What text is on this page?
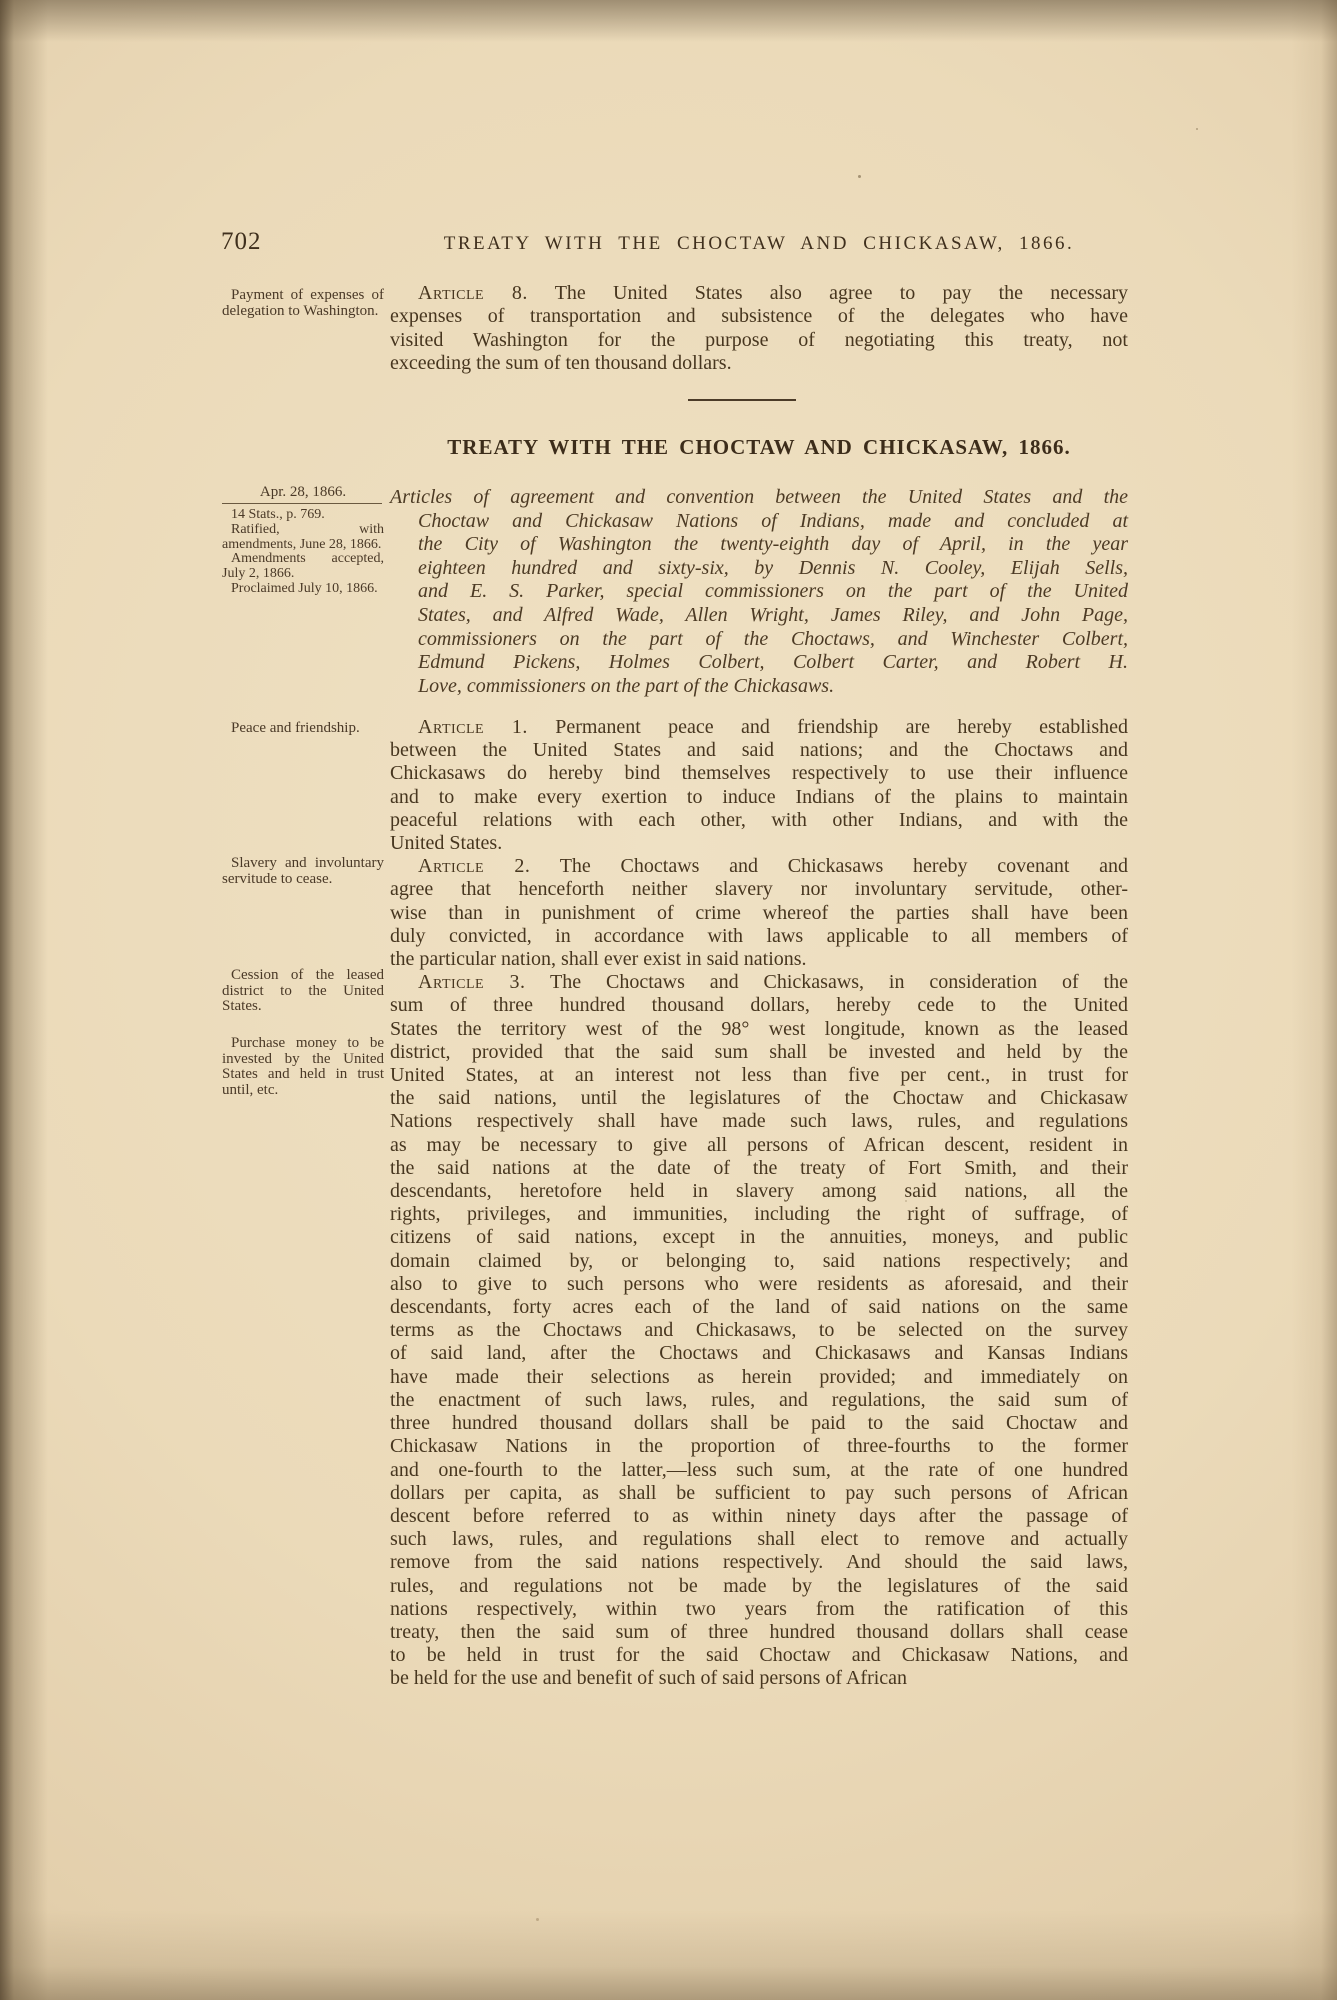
702	TREATY WITH THE CHOCTAW AND CHICKASAW, 1866.
Payment of expenses of delegation to Washington.
Article 8. The United States also agree to pay the necessary
expenses of transportation and subsistence of the delegates who have
visited Washington for the purpose of negotiating this treaty, not
exceeding the sum of ten thousand dollars.
TREATY WITH THE CHOCTAW AND CHICKASAW, 1866.
Apr. 28, 1866.

14 Stats., p. 769.

Ratified, with amendments, June 28, 1866.

Amendments accepted, July 2, 1866.

Proclaimed July 10, 1866.

Articles of agreement and convention between the United States and the
Choctaw and Chickasaw Nations of Indians, made and concluded at
the City of Washington the twenty-eighth day of April, in the year
eighteen hundred and sixty-six, by Dennis N. Cooley, Elijah Sells,
and E. S. Parker, special commissioners on the part of the United
States, and Alfred Wade, Allen Wright, James Riley, and John Page,
commissioners on the part of the Choctaws, and Winchester Colbert,
Edmund Pickens, Holmes Colbert, Colbert Carter, and Robert H.
Love, commissioners on the part of the Chickasaws.
Peace and friendship.
Slavery and involuntary servitude to cease.
Cession of the leased district to the United States.
Purchase money to be invested by the United States and held in trust until, etc.
Article 1. Permanent peace and friendship are hereby established
between the United States and said nations; and the Choctaws and
Chickasaws do hereby bind themselves respectively to use their influence
and to make every exertion to induce Indians of the plains to maintain
peaceful relations with each other, with other Indians, and with the
United States.
Article 2. The Choctaws and Chickasaws hereby covenant and
agree that henceforth neither slavery nor involuntary servitude, other-
wise than in punishment of crime whereof the parties shall have been
duly convicted, in accordance with laws applicable to all members of
the particular nation, shall ever exist in said nations.
Article 3. The Choctaws and Chickasaws, in consideration of the
sum of three hundred thousand dollars, hereby cede to the United
States the territory west of the 98° west longitude, known as the leased
district, provided that the said sum shall be invested and held by the
United States, at an interest not less than five per cent., in trust for
the said nations, until the legislatures of the Choctaw and Chickasaw
Nations respectively shall have made such laws, rules, and regulations
as may be necessary to give all persons of African descent, resident in
the said nations at the date of the treaty of Fort Smith, and their
descendants, heretofore held in slavery among said nations, all the
rights, privileges, and immunities, including the right of suffrage, of
citizens of said nations, except in the annuities, moneys, and public
domain claimed by, or belonging to, said nations respectively; and
also to give to such persons who were residents as aforesaid, and their
descendants, forty acres each of the land of said nations on the same
terms as the Choctaws and Chickasaws, to be selected on the survey
of said land, after the Choctaws and Chickasaws and Kansas Indians
have made their selections as herein provided; and immediately on
the enactment of such laws, rules, and regulations, the said sum of
three hundred thousand dollars shall be paid to the said Choctaw and
Chickasaw Nations in the proportion of three-fourths to the former
and one-fourth to the latter,—less such sum, at the rate of one hundred
dollars per capita, as shall be sufficient to pay such persons of African
descent before referred to as within ninety days after the passage of
such laws, rules, and regulations shall elect to remove and actually
remove from the said nations respectively. And should the said laws,
rules, and regulations not be made by the legislatures of the said
nations respectively, within two years from the ratification of this
treaty, then the said sum of three hundred thousand dollars shall cease
to be held in trust for the said Choctaw and Chickasaw Nations, and
be held for the use and benefit of such of said persons of African
